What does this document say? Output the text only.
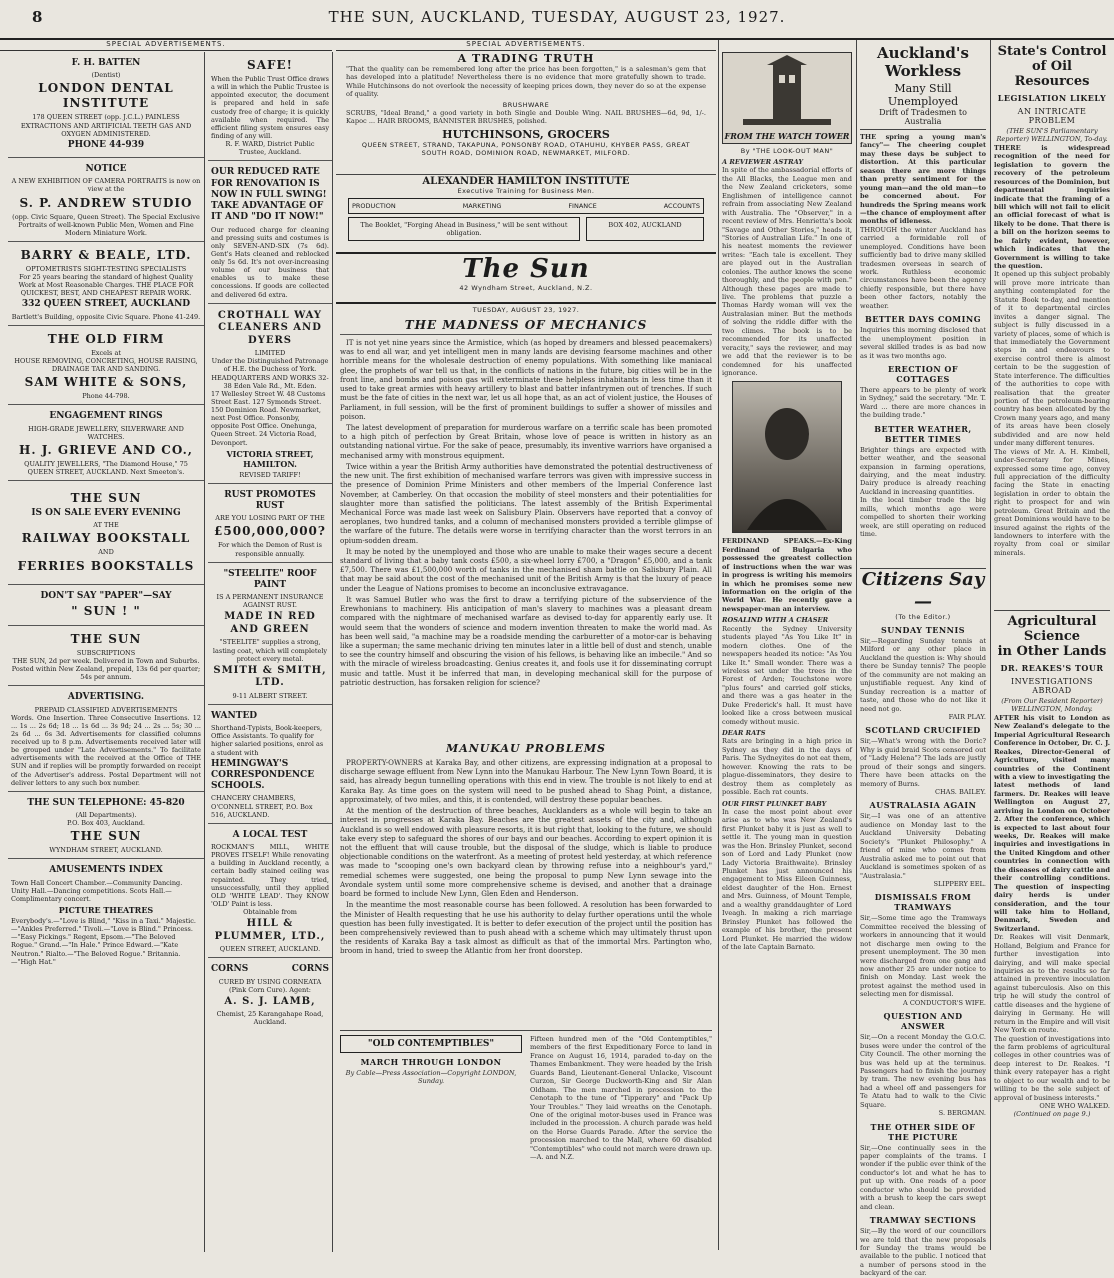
8	THE SUN, AUCKLAND, TUESDAY, AUGUST 23, 1927.
SPECIAL ADVERTISEMENTS.	SPECIAL ADVERTISEMENTS.
F. H. BATTEN
(Dentist)
LONDON DENTAL INSTITUTE
178 QUEEN STREET (opp. J.C.L.) PAINLESS EXTRACTIONS AND ARTIFICIAL TEETH GAS AND OXYGEN ADMINISTERED.
PHONE 44-939
NOTICE
A NEW EXHIBITION OF CAMERA PORTRAITS is now on view at the
S. P. ANDREW STUDIO
(opp. Civic Square, Queen Street). The Special Exclusive Portraits of well-known Public Men, Women and Fine Modern Miniature Work.
BARRY & BEALE, LTD.
OPTOMETRISTS SIGHT-TESTING SPECIALISTS
For 25 years bearing the standard of highest Quality Work at Most Reasonable Charges. THE PLACE FOR QUICKEST, BEST, AND CHEAPEST REPAIR WORK.
332 QUEEN STREET, AUCKLAND
Bartlett's Building, opposite Civic Square. Phone 41-249.
THE OLD FIRM
Excels at
HOUSE REMOVING, CONCRETING, HOUSE RAISING, DRAINAGE TAR AND SANDING.
SAM WHITE & SONS,
Phone 44-798.
ENGAGEMENT RINGS
HIGH-GRADE JEWELLERY, SILVERWARE AND WATCHES.
H. J. GRIEVE AND CO.,
QUALITY JEWELLERS, "The Diamond House," 75 QUEEN STREET, AUCKLAND. Next Smeeton's.
THE SUN
IS ON SALE EVERY EVENING
AT THE
RAILWAY BOOKSTALL
AND
FERRIES BOOKSTALLS
DON'T SAY "PAPER"—SAY
" SUN ! "
THE SUN
SUBSCRIPTIONS
THE SUN, 2d per week. Delivered in Town and Suburbs. Posted within New Zealand, prepaid, 13s 6d per quarter; 54s per annum.
ADVERTISING.
PREPAID CLASSIFIED ADVERTISEMENTS
Words. One Insertion. Three Consecutive Insertions. 12 ... 1s ... 2s 6d; 18 ... 1s 6d ... 3s 9d; 24 ... 2s ... 5s; 30 ... 2s 6d ... 6s 3d. Advertisements for classified columns received up to 8 p.m. Advertisements received later will be grouped under "Late Advertisements." To facilitate advertisements with the received at the Office of THE SUN and if replies will be promptly forwarded on receipt of the Advertiser's address. Postal Department will not deliver letters to any such box number.
THE SUN TELEPHONE: 45-820
(All Departments).
P.O. Box 403, Auckland.
THE SUN
WYNDHAM STREET, AUCKLAND.
AMUSEMENTS INDEX
Town Hall Concert Chamber.—Community Dancing. Unity Hall.—Dancing competitions. Scots Hall.—Complimentary concert.
PICTURE THEATRES
Everybody's.—"Love is Blind," "Kiss in a Taxi." Majestic.—"Ankles Preferred." Tivoli.—"Love is Blind." Princess.—"Easy Pickings." Regent, Epsom.—"The Beloved Rogue." Grand.—"In Hale." Prince Edward.—"Kate Neutron." Rialto.—"The Beloved Rogue." Britannia.—"High Hat."
SAFE!
When the Public Trust Office draws a will in which the Public Trustee is appointed executor, the document is prepared and held in safe custody free of charge; it is quickly available when required. The efficient filing system ensures easy finding of any will.
R. F. WARD, District Public Trustee, Auckland.
OUR REDUCED RATE FOR RENOVATION IS NOW IN FULL SWING! TAKE ADVANTAGE OF IT AND "DO IT NOW!"
Our reduced charge for cleaning and pressing suits and costumes is only SEVEN-AND-SIX (7s 6d). Gent's Hats cleaned and reblocked only 5s 6d. It's not over-increasing volume of our business that enables us to make these concessions. If goods are collected and delivered 6d extra.
CROTHALL WAY CLEANERS AND DYERS
LIMITED
Under the Distinguished Patronage of H.E. the Duchess of York. HEADQUARTERS AND WORKS 32-38 Eden Vale Rd., Mt. Eden.
17 Wellesley Street W. 48 Customs Street East. 127 Symonds Street. 150 Dominion Road. Newmarket, next Post Office. Ponsonby, opposite Post Office. Onehunga, Queen Street. 24 Victoria Road, Devonport.
VICTORIA STREET, HAMILTON.
REVISED TARIFF!
RUST PROMOTES RUST
ARE YOU LOSING PART OF THE
£500,000,000?
For which the Demon of Rust is responsible annually.
"STEELITE" ROOF PAINT
IS A PERMANENT INSURANCE AGAINST RUST.
MADE IN RED AND GREEN
"STEELITE" supplies a strong, lasting coat, which will completely protect every metal.
SMITH & SMITH, LTD.
9-11 ALBERT STREET.
WANTED
Shorthand-Typists, Book-keepers, Office Assistants. To qualify for higher salaried positions, enrol as a student with
HEMINGWAY'S CORRESPONDENCE SCHOOLS.
CHANCERY CHAMBERS, O'CONNELL STREET, P.O. Box 516, AUCKLAND.
A LOCAL TEST
ROCKMAN'S MILL, WHITE PROVES ITSELF! While renovating a building in Auckland recently, a certain badly stained ceiling was repainted. They tried, unsuccessfully, until they applied OLD 'WHITE LEAD'. They KNOW 'OLD' Paint is less.
Obtainable from
HILL & PLUMMER, LTD.,
QUEEN STREET, AUCKLAND.
CORNS	CORNS
CURED BY USING CORNEATA
(Pink Corn Cure). Agent:
A. S. J. LAMB,
Chemist, 25 Karangahape Road, Auckland.
A TRADING TRUTH
"That the quality can be remembered long after the price has been forgotten," is a salesman's gem that has developed into a platitude! Nevertheless there is no evidence that more gratefully shown to trade. While Hutchinsons do not overlook the necessity of keeping prices down, they never do so at the expense of quality.
BRUSHWARE
SCRUBS, "Ideal Brand," a good variety in both Single and Double Wing. NAIL BRUSHES—6d, 9d, 1/-. Kapoc ... HAIR BROOMS, BANNISTER BRUSHES, polished.
HUTCHINSONS, GROCERS
QUEEN STREET, STRAND, TAKAPUNA, PONSONBY ROAD, OTAHUHU, KHYBER PASS, GREAT SOUTH ROAD, DOMINION ROAD, NEWMARKET, MILFORD.
ALEXANDER HAMILTON INSTITUTE
Executive Training for Business Men.
PRODUCTION	MARKETING	FINANCE	ACCOUNTS
The Booklet, "Forging Ahead in Business," will be sent without obligation.
BOX 402, AUCKLAND
The Sun
42 Wyndham Street, Auckland, N.Z.
TUESDAY, AUGUST 23, 1927.
THE MADNESS OF MECHANICS

IT is not yet nine years since the Armistice, which (as hoped by dreamers and blessed peacemakers) was to end all war, and yet intelligent men in many lands are devising fearsome machines and other horrible means for the wholesale destruction of enemy populations. With something like maniacal glee, the prophets of war tell us that, in the conflicts of nations in the future, big cities will be in the front line, and bombs and poison gas will exterminate these helpless inhabitants in less time than it used to take great armies with heavy artillery to blast and batter infantrymen out of trenches. If such must be the fate of cities in the next war, let us all hope that, as an act of violent justice, the Houses of Parliament, in full session, will be the first of prominent buildings to suffer a shower of missiles and poison.

The latest development of preparation for murderous warfare on a terrific scale has been promoted to a high pitch of perfection by Great Britain, whose love of peace is written in history as an outstanding national virtue. For the sake of peace, presumably, its inventive warriors have organised a mechanised army with monstrous equipment.

Twice within a year the British Army authorities have demonstrated the potential destructiveness of the new unit. The first exhibition of mechanised warfare terrors was given with impressive success in the presence of Dominion Prime Ministers and other members of the Imperial Conference last November, at Camberley. On that occasion the mobility of steel monsters and their potentialities for slaughter more than satisfied the politicians. The latest assembly of the British Experimental Mechanical Force was made last week on Salisbury Plain. Observers have reported that a convoy of aeroplanes, two hundred tanks, and a column of mechanised monsters provided a terrible glimpse of the warfare of the future. The details were worse in terrifying character than the worst terrors in an opium-sodden dream.

It may be noted by the unemployed and those who are unable to make their wages secure a decent standard of living that a baby tank costs £500, a six-wheel lorry £700, a "Dragon" £5,000, and a tank £7,500. There was £1,500,000 worth of tanks in the mechanised sham battle on Salisbury Plain. All that may be said about the cost of the mechanised unit of the British Army is that the luxury of peace under the League of Nations promises to become an inconclusive extravagance.

It was Samuel Butler who was the first to draw a terrifying picture of the subservience of the Erewhonians to machinery. His anticipation of man's slavery to machines was a pleasant dream compared with the nightmare of mechanised warfare as devised to-day for apparently early use. It would seem that the wonders of science and modern invention threaten to make the world mad. As has been well said, "a machine may be a roadside mending the carburetter of a motor-car is behaving like a superman; the same mechanic driving ten minutes later in a little bell of dust and stench, unable to see the country himself and obscuring the vision of his fellows, is behaving like an imbecile." And so with the miracle of wireless broadcasting. Genius creates it, and fools use it for disseminating corrupt music and tattle. Must it be inferred that man, in developing mechanical skill for the purpose of patriotic destruction, has forsaken religion for science?

MANUKAU PROBLEMS

PROPERTY-OWNERS at Karaka Bay, and other citizens, are expressing indignation at a proposal to discharge sewage effluent from New Lynn into the Manukau Harbour. The New Lynn Town Board, it is said, has already begun tunnelling operations with this end in view. The trouble is not likely to end at Karaka Bay. As time goes on the system will need to be pushed ahead to Shag Point, a distance, approximately, of two miles, and this, it is contended, will destroy these popular beaches.

At the mention of the destruction of three beaches, Aucklanders as a whole will begin to take an interest in progresses at Karaka Bay. Beaches are the greatest assets of the city and, although Auckland is so well endowed with pleasure resorts, it is but right that, looking to the future, we should take every step to safeguard the shores of our bays and our beaches. According to expert opinion it is not the effluent that will cause trouble, but the disposal of the sludge, which is liable to produce objectionable conditions on the waterfront. As a meeting of protest held yesterday, at which reference was made to "scooping one's own backyard clean by throwing refuse into a neighbour's yard," remedial schemes were suggested, one being the proposal to pump New Lynn sewage into the Avondale system until some more comprehensive scheme is devised, and another that a drainage board be formed to include New Lynn, Glen Eden and Henderson.

In the meantime the most reasonable course has been followed. A resolution has been forwarded to the Minister of Health requesting that he use his authority to delay further operations until the whole question has been fully investigated. It is better to defer execution of the project until the position has been comprehensively reviewed than to push ahead with a scheme which may ultimately thrust upon the residents of Karaka Bay a task almost as difficult as that of the immortal Mrs. Partington who, broom in hand, tried to sweep the Atlantic from her front doorstep.

"OLD CONTEMPTIBLES"
MARCH THROUGH LONDON
By Cable—Press Association—Copyright LONDON, Sunday.
Fifteen hundred men of the "Old Contemptibles," members of the first Expeditionary Force to land in France on August 16, 1914, paraded to-day on the Thames Embankment. They were headed by the Irish Guards Band, Lieutenant-General Unlacke, Viscount Curzon, Sir George Duckworth-King and Sir Alan Oldham. The men marched in procession to the Cenotaph to the tune of "Tipperary" and "Pack Up Your Troubles." They laid wreaths on the Cenotaph. One of the original motor-buses used in France was included in the procession. A church parade was held on the Horse Guards Parade. After the service the procession marched to the Mall, where 60 disabled "Contemptibles" who could not march were drawn up.—A. and N.Z.
FROM THE WATCH TOWER
By "THE LOOK-OUT MAN"
A REVIEWER ASTRAY
In spite of the ambassadorial efforts of the All Blacks, the League men and the New Zealand cricketers, some Englishmen of intelligence cannot refrain from associating New Zealand with Australia. The "Observer," in a recent review of Mrs. Henrietta's book "Savage and Other Stories," heads it, "Stories of Australian Life." In one of his neatest moments the reviewer writes: "Each tale is excellent. They are played out in the Australian colonies. The author knows the scene thoroughly, and the people with pen." Although these pages are made to live. The problems that puzzle a Thomas Hardy woman will vex the Australasian miner. But the methods of solving the riddle differ with the two climes. The book is to be recommended for its unaffected veracity," says the reviewer, and may we add that the reviewer is to be condemned for his unaffected ignorance.
FERDINAND SPEAKS.—Ex-King Ferdinand of Bulgaria who possessed the greatest collection of instructions when the war was in progress is writing his memoirs in which he promises some new information on the origin of the World War. He recently gave a newspaper-man an interview.
ROSALIND WITH A CHASER
Recently the Sydney University students played "As You Like It" in modern clothes. One of the newspapers headed its notice: "As You Like It." Small wonder. There was a wireless set under the trees in the Forest of Arden; Touchstone wore "plus fours" and carried golf sticks, and there was a gas heater in the Duke Frederick's hall. It must have looked like a cross between musical comedy without music.
DEAR RATS
Rats are bringing in a high price in Sydney as they did in the days of Paris. The Sydneyites do not eat them, however. Knowing the rats to be plague-disseminators, they desire to destroy them as completely as possible. Each rat counts.
OUR FIRST PLUNKET BABY
In case the most point about ever arise as to who was New Zealand's first Plunket baby it is just as well to settle it. The young man in question was the Hon. Brinsley Plunket, second son of Lord and Lady Plunket (now Lady Victoria Braithwaite). Brinsley Plunket has just announced his engagement to Miss Eileen Guinness, eldest daughter of the Hon. Ernest and Mrs. Guinness, of Mount Temple, and a wealthy granddaughter of Lord Iveagh. In making a rich marriage Brinsley Plunket has followed the example of his brother, the present Lord Plunket. He married the widow of the late Captain Barnato.
Auckland's Workless
Many Still Unemployed
Drift of Tradesmen to Australia
THE spring a young man's fancy"— The cheering couplet may these days be subject to distortion. At this particular season there are more things than pretty sentiment for the young man—and the old man—to be concerned about. For hundreds the Spring means work—the chance of employment after months of idleness.
THROUGH the winter Auckland has carried a formidable roll of unemployed. Conditions have been sufficiently bad to drive many skilled tradesmen overseas in search of work. Ruthless economic circumstances have been the agency chiefly responsible, but there have been other factors, notably the weather.
BETTER DAYS COMING
Inquiries this morning disclosed that the unemployment position in several skilled trades is as bad now as it was two months ago.
ERECTION OF COTTAGES
There appears to be plenty of work in Sydney," said the secretary. "Mr. T. Ward ... there are more chances in the building trade."
BETTER WEATHER, BETTER TIMES
Brighter things are expected with better weather, and the seasonal expansion in farming operations, dairying, and the meat industry. Dairy produce is already reaching Auckland in increasing quantities.
In the local timber trade the big mills, which months ago were compelled to shorten their working week, are still operating on reduced time.
Citizens Say—
(To the Editor.)
SUNDAY TENNIS
Sir,—Regarding Sunday tennis at Milford or any other place in Auckland the question is: Why should there be Sunday tennis? The people of the community are not making an unjustifiable request. Any kind of Sunday recreation is a matter of taste, and those who do not like it need not go.
FAIR PLAY.
SCOTLAND CRUCIFIED
Sir,—What's wrong with the Doric? Why is guid braid Scots censored out of "Lady Helena"? The lads are justly proud of their songs and singers. There have been attacks on the memory of Burns.
CHAS. BAILEY.
AUSTRALASIA AGAIN
Sir,—I was one of an attentive audience on Monday last to the Auckland University Debating Society's "Plunket Philosophy." A friend of mine who comes from Australia asked me to point out that Auckland is sometimes spoken of as "Australasia."
SLIPPERY EEL.
DISMISSALS FROM TRAMWAYS
Sir,—Some time ago the Tramways Committee received the blessing of workers in announcing that it would not discharge men owing to the present unemployment. The 30 men were discharged from one gang and now another 25 are under notice to finish on Monday. Last week the protest against the method used in selecting men for dismissal.
A CONDUCTOR'S WIFE.
QUESTION AND ANSWER
Sir,—On a recent Monday the G.O.C. buses were under the control of the City Council. The other morning the bus was held up at the terminus. Passengers had to finish the journey by tram. The new evening bus has had a wheel off and passengers for Te Atatu had to walk to the Civic Square.
S. BERGMAN.
THE OTHER SIDE OF THE PICTURE
Sir,—One continually sees in the paper complaints of the trams. I wonder if the public ever think of the conductor's lot and what he has to put up with. One reads of a poor conductor who should be provided with a brush to keep the cars swept and clean.
TRAMWAY SECTIONS
Sir,—By the word of our councillors we are told that the new proposals for Sunday the trams would be available to the public. I noticed that a number of persons stood in the backyard of the car.
State's Control of Oil Resources
LEGISLATION LIKELY
AN INTRICATE PROBLEM
(THE SUN'S Parliamentary Reporter) WELLINGTON, To-day.
THERE is widespread recognition of the need for legislation to govern the recovery of the petroleum resources of the Dominion, but departmental inquiries indicate that the framing of a bill which will not fail to elicit an official forecast of what is likely to be done. That there is a bill on the horizon seems to be fairly evident, however, which indicates that the Government is willing to take the question.
It opened up this subject probably will prove more intricate than anything contemplated for the Statute Book to-day, and mention of it to departmental circles invites a danger signal. The subject is fully discussed in a variety of places, some of which is that immediately the Government steps in and endeavours to exercise control there is almost certain to be the suggestion of State interference. The difficulties of the authorities to cope with realisation that the greater portion of the petroleum-bearing country has been allocated by the Crown many years ago, and many of its areas have been closely subdivided and are now held under many different tenures.
The views of Mr. A. H. Kimbell, under-Secretary for Mines, expressed some time ago, convey full appreciation of the difficulty facing the State in enacting legislation in order to obtain the right to prospect for and win petroleum. Great Britain and the great Dominions would have to be insured against the rights of the landowners to interfere with the royalty from coal or similar minerals.
Agricultural Science
in Other Lands
DR. REAKES'S TOUR
INVESTIGATIONS ABROAD
(From Our Resident Reporter) WELLINGTON, Monday.
AFTER his visit to London as New Zealand's delegate to the Imperial Agricultural Research Conference in October, Dr. C. J. Reakes, Director-General of Agriculture, visited many countries of the Continent with a view to investigating the latest methods of land farmers. Dr. Reakes will leave Wellington on August 27, arriving in London on October 2. After the conference, which is expected to last about four weeks, Dr. Reakes will make inquiries and investigations in the United Kingdom and other countries in connection with the diseases of dairy cattle and their controlling conditions. The question of inspecting dairy herds is under consideration, and the tour will take him to Holland, Denmark, Sweden and Switzerland.
Dr. Reakes will visit Denmark, Holland, Belgium and France for further investigation into dairying, and will make special inquiries as to the results so far attained in preventive inoculation against tuberculosis. Also on this trip he will study the control of cattle diseases and the hygiene of dairying in Germany. He will return in the Empire and will visit New York en route.
The question of investigations into the farm problems of agricultural colleges in other countries was of deep interest to Dr. Reakes. "I think every ratepayer has a right to object to our wealth and to be willing to be the sole subject of approval of business interests."
ONE WHO WALKED.
(Continued on page 9.)
